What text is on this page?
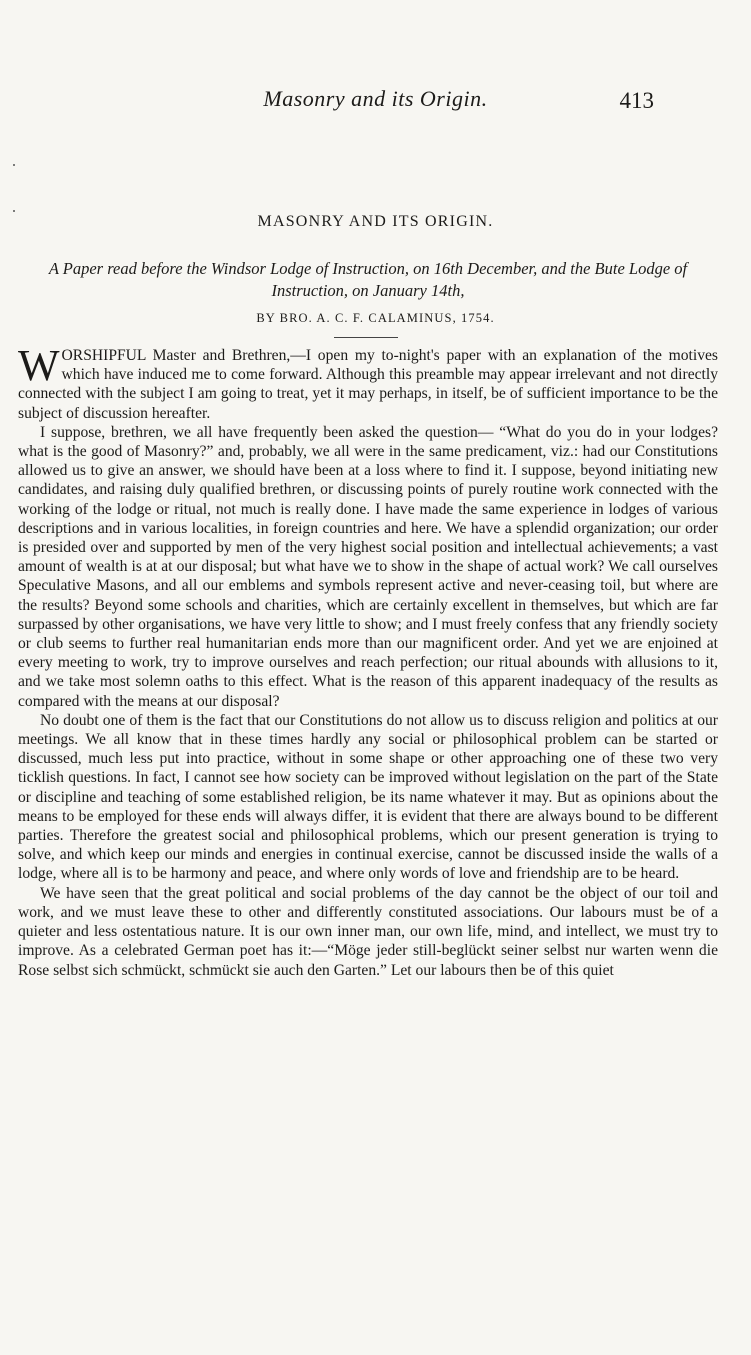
Masonry and its Origin.	413
MASONRY AND ITS ORIGIN.
A Paper read before the Windsor Lodge of Instruction, on 16th December, and the Bute Lodge of Instruction, on January 14th,
BY BRO. A. C. F. CALAMINUS, 1754.

WORSHIPFUL Master and Brethren,—I open my to-night's paper with an explanation of the motives which have induced me to come forward. Although this preamble may appear irrelevant and not directly connected with the subject I am going to treat, yet it may perhaps, in itself, be of sufficient importance to be the subject of discussion hereafter.

I suppose, brethren, we all have frequently been asked the question— “What do you do in your lodges? what is the good of Masonry?” and, probably, we all were in the same predicament, viz.: had our Constitutions allowed us to give an answer, we should have been at a loss where to find it. I suppose, beyond initiating new candidates, and raising duly qualified brethren, or discussing points of purely routine work connected with the working of the lodge or ritual, not much is really done. I have made the same experience in lodges of various descriptions and in various localities, in foreign countries and here. We have a splendid organization; our order is presided over and supported by men of the very highest social position and intellectual achievements; a vast amount of wealth is at at our disposal; but what have we to show in the shape of actual work? We call ourselves Speculative Masons, and all our emblems and symbols represent active and never-ceasing toil, but where are the results? Beyond some schools and charities, which are certainly excellent in themselves, but which are far surpassed by other organisations, we have very little to show; and I must freely confess that any friendly society or club seems to further real humanitarian ends more than our magnificent order. And yet we are enjoined at every meeting to work, try to improve ourselves and reach perfection; our ritual abounds with allusions to it, and we take most solemn oaths to this effect. What is the reason of this apparent inadequacy of the results as compared with the means at our disposal?

No doubt one of them is the fact that our Constitutions do not allow us to discuss religion and politics at our meetings. We all know that in these times hardly any social or philosophical problem can be started or discussed, much less put into practice, without in some shape or other approaching one of these two very ticklish questions. In fact, I cannot see how society can be improved without legislation on the part of the State or discipline and teaching of some established religion, be its name whatever it may. But as opinions about the means to be employed for these ends will always differ, it is evident that there are always bound to be different parties. Therefore the greatest social and philosophical problems, which our present generation is trying to solve, and which keep our minds and energies in continual exercise, cannot be discussed inside the walls of a lodge, where all is to be harmony and peace, and where only words of love and friendship are to be heard.

We have seen that the great political and social problems of the day cannot be the object of our toil and work, and we must leave these to other and differently constituted associations. Our labours must be of a quieter and less ostentatious nature. It is our own inner man, our own life, mind, and intellect, we must try to improve. As a celebrated German poet has it:—“Möge jeder still-beglückt seiner selbst nur warten wenn die Rose selbst sich schmückt, schmückt sie auch den Garten.” Let our labours then be of this quiet
